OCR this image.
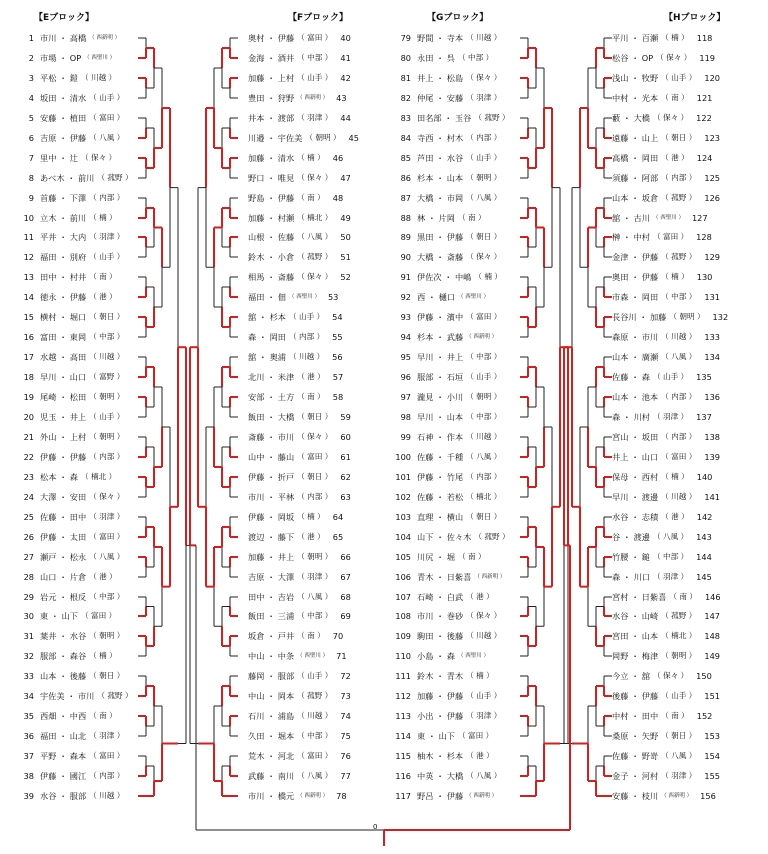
【Eブロック】	【Fブロック】	【Gブロック】	【Hブロック】
1 市川 ・ 高橋 （ 西新明 ）
2 市場 ・ OP （ 西聖川 ）
3 平松 ・ 鎧 （ 川越 ）
4 坂田 ・ 清水 （ 山手 ）
5 安藤 ・ 植田 （ 富田 ）
6 吉原 ・ 伊藤 （ 八風 ）
7 里中 ・ 辻 （ 保々 ）
8 あべ木 ・ 前川 （ 菰野 ）
9 首藤 ・ 下澤 （ 内部 ）
10 立木 ・ 前川 （ 楠 ）
11 平井 ・ 大内 （ 羽津 ）
12 福田 ・ 別府 （ 山手 ）
13 田中 ・ 村井 （ 南 ）
14 徳永 ・ 伊藤 （ 港 ）
15 横村 ・ 堀口 （ 朝日 ）
16 富田 ・ 東岡 （ 中部 ）
17 水越 ・ 高田 （ 川越 ）
18 早川 ・ 山口 （ 富野 ）
19 尾崎 ・ 松田 （ 朝明 ）
20 児玉 ・ 井上 （ 山手 ）
21 外山 ・ 上村 （ 朝明 ）
22 伊藤 ・ 伊藤 （ 内部 ）
23 松本 ・ 森 （ 楠北 ）
24 大澤 ・ 安田 （ 保々 ）
25 佐藤 ・ 田中 （ 羽津 ）
26 伊藤 ・ 太田 （ 富田 ）
27 瀬戸 ・ 松永 （ 八風 ）
28 山口 ・ 片倉 （ 港 ）
29 岩元 ・ 根反 （ 中部 ）
30 東 ・ 山下 （ 富田 ）
31 葉井 ・ 水谷 （ 朝明 ）
32 服部 ・ 森谷 （ 楠 ）
33 山本 ・ 後藤 （ 朝日 ）
34 宇佐美 ・ 市川 （ 菰野 ）
35 西畑 ・ 中西 （ 南 ）
36 福田 ・ 山北 （ 羽津 ）
37 平野 ・ 森本 （ 富田 ）
38 伊藤 ・ 國江 （ 内部 ）
39 水谷 ・ 服部 （ 川越 ）
奥村 ・ 伊藤 （ 富田 ） 40
金海 ・ 酒井 （ 中部 ） 41
加藤 ・ 上村 （ 山手 ） 42
豊田 ・ 狩野 （ 西新明 ） 43
井本 ・ 渡部 （ 羽津 ） 44
川邉 ・ 宇佐美 （ 朝明 ） 45
加藤 ・ 清水 （ 楠 ） 46
野口 ・ 唯見 （ 保々 ） 47
野島 ・ 伊藤 （ 南 ） 48
加藤 ・ 村瀬 （ 楠北 ） 49
山根 ・ 佐藤 （ 八風 ） 50
鈴木 ・ 小倉 （ 菰野 ） 51
相馬 ・ 斎藤 （ 保々 ） 52
福田 ・ 佃 （ 西聖川 ） 53
舘 ・ 杉本 （ 山手 ） 54
森 ・ 岡田 （ 内部 ） 55
舘 ・ 奥浦 （ 川越 ） 56
北川 ・ 米津 （ 港 ） 57
安部 ・ 土方 （ 南 ） 58
飯田 ・ 大橋 （ 朝日 ） 59
斎藤 ・ 市川 （ 保々 ） 60
山中 ・ 藤山 （ 富田 ） 61
伊藤 ・ 折戸 （ 朝日 ） 62
市川 ・ 平林 （ 内部 ） 63
伊藤 ・ 岡坂 （ 楠 ） 64
渡辺 ・ 藤下 （ 港 ） 65
加藤 ・ 井上 （ 朝明 ） 66
吉原 ・ 大澤 （ 羽津 ） 67
田中 ・ 吉岩 （ 八風 ） 68
飯田 ・ 三浦 （ 中部 ） 69
坂倉 ・ 戸井 （ 南 ） 70
中山 ・ 中条 （ 西聖川 ） 71
藤岡 ・ 服部 （ 山手 ） 72
中山 ・ 岡本 （ 菰野 ） 73
石川 ・ 浦島 （ 川越 ） 74
久田 ・ 堀本 （ 中部 ） 75
荒木 ・ 河北 （ 富田 ） 76
武藤 ・ 南川 （ 八風 ） 77
市川 ・ 橋元 （ 西新明 ） 78
79 野間 ・ 寺本 （ 川越 ）
80 永田 ・ 呉 （ 中部 ）
81 井上 ・ 松島 （ 保々 ）
82 仲尾 ・ 安藤 （ 羽津 ）
83 田名部 ・ 玉谷 （ 菰野 ）
84 寺西 ・ 村木 （ 内部 ）
85 芦田 ・ 水谷 （ 山手 ）
86 杉本 ・ 山本 （ 朝明 ）
87 大橋 ・ 市岡 （ 八風 ）
88 林 ・ 片岡 （ 南 ）
89 黒田 ・ 伊藤 （ 朝日 ）
90 大橋 ・ 斎藤 （ 保々 ）
91 伊佐次 ・ 中嶋 （ 楠 ）
92 西 ・ 樋口 （ 西聖川 ）
93 伊藤 ・ 濱中 （ 富田 ）
94 杉本 ・ 武藤 （ 西新明 ）
95 早川 ・ 井上 （ 中部 ）
96 服部 ・ 石垣 （ 山手 ）
97 瀧見 ・ 小川 （ 朝明 ）
98 早川 ・ 山本 （ 中部 ）
99 石神 ・ 作本 （ 川越 ）
100 佐藤 ・ 千種 （ 八風 ）
101 伊藤 ・ 竹尾 （ 内部 ）
102 佐藤 ・ 若松 （ 楠北 ）
103 直理 ・ 横山 （ 朝日 ）
104 山下 ・ 佐々木 （ 菰野 ）
105 川尻 ・ 堀 （ 南 ）
106 青木 ・ 日紫喜 （ 西新明 ）
107 石崎 ・ 白武 （ 港 ）
108 市川 ・ 巻砂 （ 保々 ）
109 駒田 ・ 後藤 （ 川越 ）
110 小島 ・ 森 （ 西聖川 ）
111 鈴木 ・ 青木 （ 楠 ）
112 加藤 ・ 伊藤 （ 山手 ）
113 小出 ・ 伊藤 （ 羽津 ）
114 東 ・ 山下 （ 富田 ）
115 柚木 ・ 杉本 （ 港 ）
116 中英 ・ 大橋 （ 八風 ）
117 野呂 ・ 伊藤 （ 西新明 ）
平川 ・ 百瀬 （ 楠 ） 118
松谷 ・ OP （ 保々 ） 119
浅山 ・ 牧野 （ 山手 ） 120
中村 ・ 光本 （ 南 ） 121
藪 ・ 大橋 （ 保々 ） 122
遠藤 ・ 山上 （ 朝日 ） 123
高橋 ・ 岡田 （ 港 ） 124
須藤 ・ 阿部 （ 内部 ） 125
山本 ・ 坂倉 （ 菰野 ） 126
舘 ・ 古川 （ 西聖川 ） 127
榊 ・ 中村 （ 富田 ） 128
金津 ・ 伊藤 （ 菰野 ） 129
奥田 ・ 伊藤 （ 楠 ） 130
市森 ・ 岡田 （ 中部 ） 131
長谷川 ・ 加藤 （ 朝明 ） 132
森原 ・ 市川 （ 川越 ） 133
山本 ・ 廣瀬 （ 八風 ） 134
佐藤 ・ 森 （ 山手 ） 135
山本 ・ 池本 （ 内部 ） 136
森 ・ 川村 （ 羽津 ） 137
宮山 ・ 坂田 （ 内部 ） 138
井上 ・ 山口 （ 富田 ） 139
保母 ・ 西村 （ 楠 ） 140
早川 ・ 渡邊 （ 川越 ） 141
水谷 ・ 志積 （ 港 ） 142
谷 ・ 渡邊 （ 八風 ） 143
竹腰 ・ 鎚 （ 中部 ） 144
森 ・ 川口 （ 羽津 ） 145
宮村 ・ 日紫喜 （ 南 ） 146
水谷 ・ 山崎 （ 菰野 ） 147
宮田 ・ 山本 （ 楠北 ） 148
岡野 ・ 梅津 （ 朝明 ） 149
今立 ・ 舘 （ 保々 ） 150
後藤 ・ 伊藤 （ 山手 ） 151
中村 ・ 田中 （ 南 ） 152
桑原 ・ 矢野 （ 朝日 ） 153
佐藤 ・ 野嵜 （ 八風 ） 154
金子 ・ 河村 （ 羽津 ） 155
安藤 ・ 枝川 （ 西新明 ） 156
0
